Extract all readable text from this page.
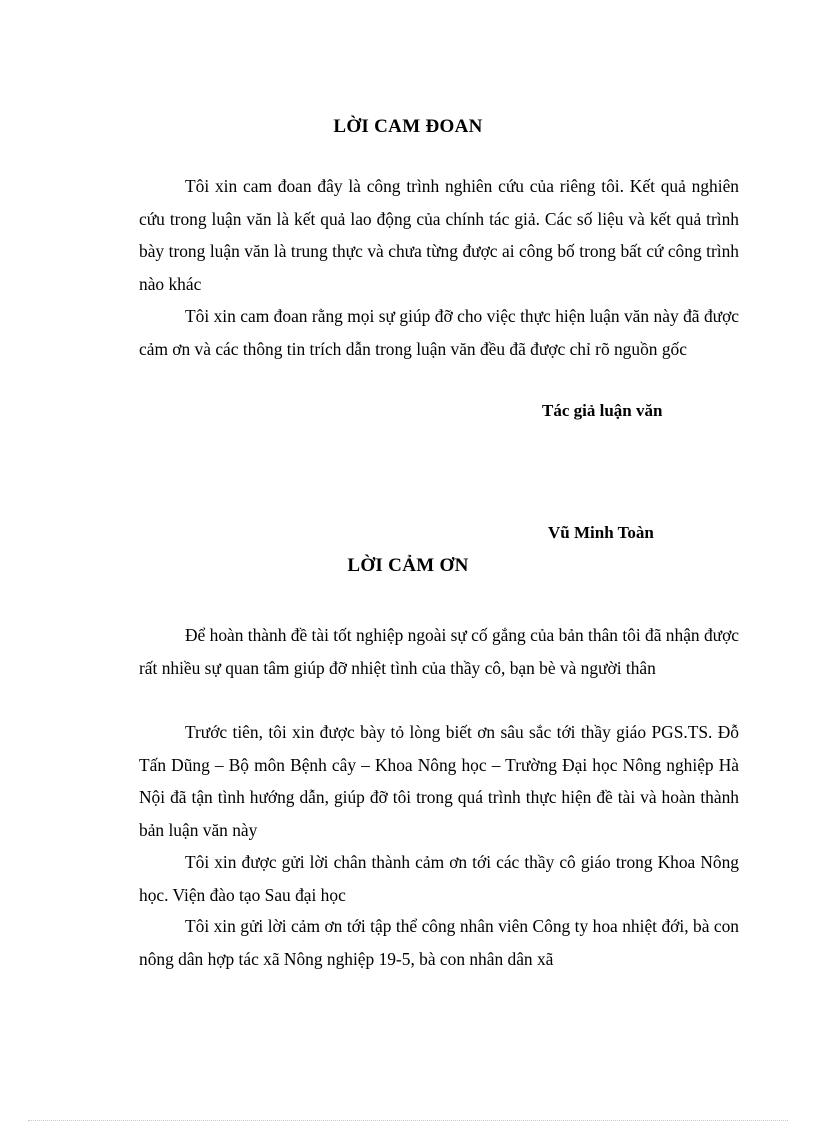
LỜI CAM ĐOAN

Tôi xin cam đoan đây là công trình nghiên cứu của riêng tôi. Kết quả nghiên cứu trong luận văn là kết quả lao động của chính tác giả. Các số liệu và kết quả trình bày trong luận văn là trung thực và chưa từng được ai công bố trong bất cứ công trình nào khác

Tôi xin cam đoan rằng mọi sự giúp đỡ cho việc thực hiện luận văn này đã được cảm ơn và các thông tin trích dẫn trong luận văn đều đã được chỉ rõ nguồn gốc

Tác giả luận văn

Vũ Minh Toàn

LỜI CẢM ƠN

Để hoàn thành đề tài tốt nghiệp ngoài sự cố gắng của bản thân tôi đã nhận được rất nhiều sự quan tâm giúp đỡ nhiệt tình của thầy cô, bạn bè và người thân

Trước tiên, tôi xin được bày tỏ lòng biết ơn sâu sắc tới thầy giáo PGS.TS. Đỗ Tấn Dũng – Bộ môn Bệnh cây – Khoa Nông học – Trường Đại học Nông nghiệp Hà Nội đã tận tình hướng dẫn, giúp đỡ tôi trong quá trình thực hiện đề tài và hoàn thành bản luận văn này

Tôi xin được gửi lời chân thành cảm ơn tới các thầy cô giáo trong Khoa Nông học. Viện đào tạo Sau đại học

Tôi xin gửi lời cảm ơn tới tập thể công nhân viên Công ty hoa nhiệt đới, bà con nông dân hợp tác xã Nông nghiệp 19-5, bà con nhân dân xã
